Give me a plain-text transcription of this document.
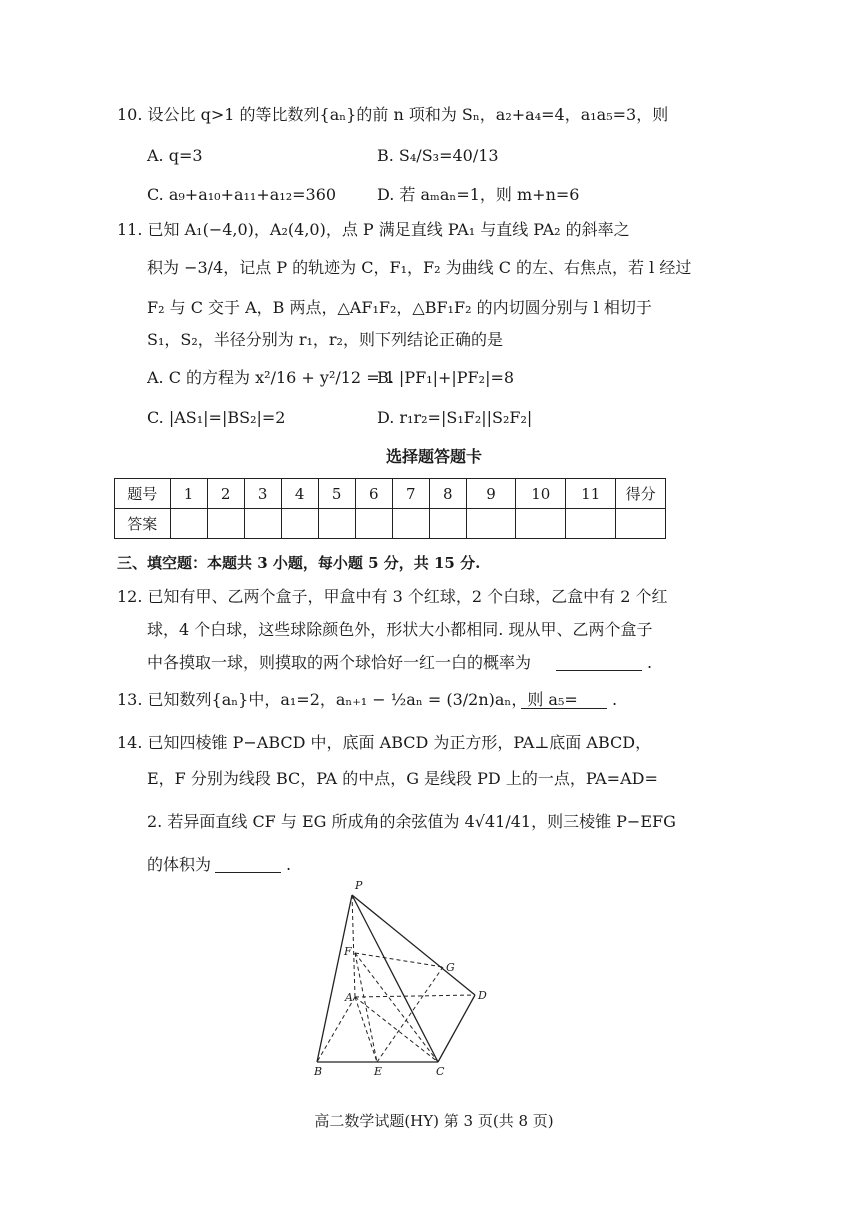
10. 设公比 q>1 的等比数列{aₙ}的前 n 项和为 Sₙ，a₂+a₄=4，a₁a₅=3，则
A. q=3	B. S₄/S₃=40/13
C. a₉+a₁₀+a₁₁+a₁₂=360	D. 若 aₘaₙ=1，则 m+n=6
11. 已知 A₁(−4,0)，A₂(4,0)，点 P 满足直线 PA₁ 与直线 PA₂ 的斜率之
积为 −3/4，记点 P 的轨迹为 C，F₁，F₂ 为曲线 C 的左、右焦点，若 l 经过
F₂ 与 C 交于 A，B 两点，△AF₁F₂，△BF₁F₂ 的内切圆分别与 l 相切于
S₁，S₂，半径分别为 r₁，r₂，则下列结论正确的是
A. C 的方程为 x²/16 + y²/12 = 1
B. |PF₁|+|PF₂|=8
C. |AS₁|=|BS₂|=2	D. r₁r₂=|S₁F₂||S₂F₂|
选择题答题卡
题号	1	2	3	4	5	6	7	8	9	10	11	得分
答案												
三、填空题：本题共 3 小题，每小题 5 分，共 15 分.
12. 已知有甲、乙两个盒子，甲盒中有 3 个红球，2 个白球，乙盒中有 2 个红
球，4 个白球，这些球除颜色外，形状大小都相同. 现从甲、乙两个盒子
中各摸取一球，则摸取的两个球恰好一红一白的概率为	.
13. 已知数列{aₙ}中，a₁=2，aₙ₊₁ − ½aₙ = (3/2n)aₙ，则 a₅= .
14. 已知四棱锥 P−ABCD 中，底面 ABCD 为正方形，PA⊥底面 ABCD，
E，F 分别为线段 BC，PA 的中点，G 是线段 PD 上的一点，PA=AD=
2. 若异面直线 CF 与 EG 所成角的余弦值为 4√41/41，则三棱锥 P−EFG
的体积为	.
P
F
G
A	D
B	E	C
高二数学试题(HY) 第 3 页(共 8 页)
